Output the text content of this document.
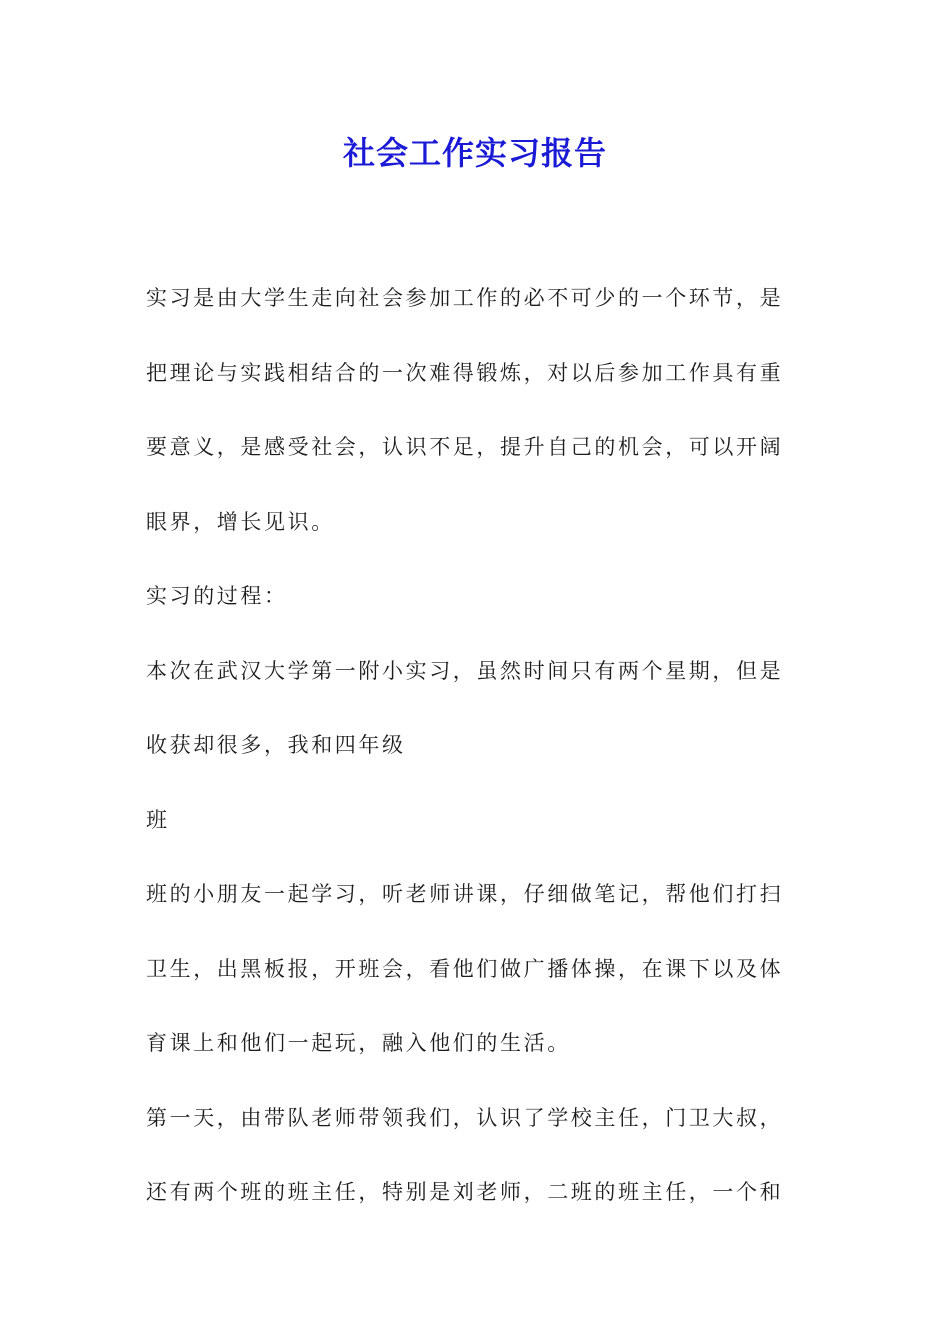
社会工作实习报告
实习是由大学生走向社会参加工作的必不可少的一个环节，是
把理论与实践相结合的一次难得锻炼，对以后参加工作具有重
要意义，是感受社会，认识不足，提升自己的机会，可以开阔
眼界，增长见识。
实习的过程：
本次在武汉大学第一附小实习，虽然时间只有两个星期，但是
收获却很多，我和四年级
班
班的小朋友一起学习，听老师讲课，仔细做笔记，帮他们打扫
卫生，出黑板报，开班会，看他们做广播体操，在课下以及体
育课上和他们一起玩，融入他们的生活。
第一天，由带队老师带领我们，认识了学校主任，门卫大叔，
还有两个班的班主任，特别是刘老师，二班的班主任，一个和
